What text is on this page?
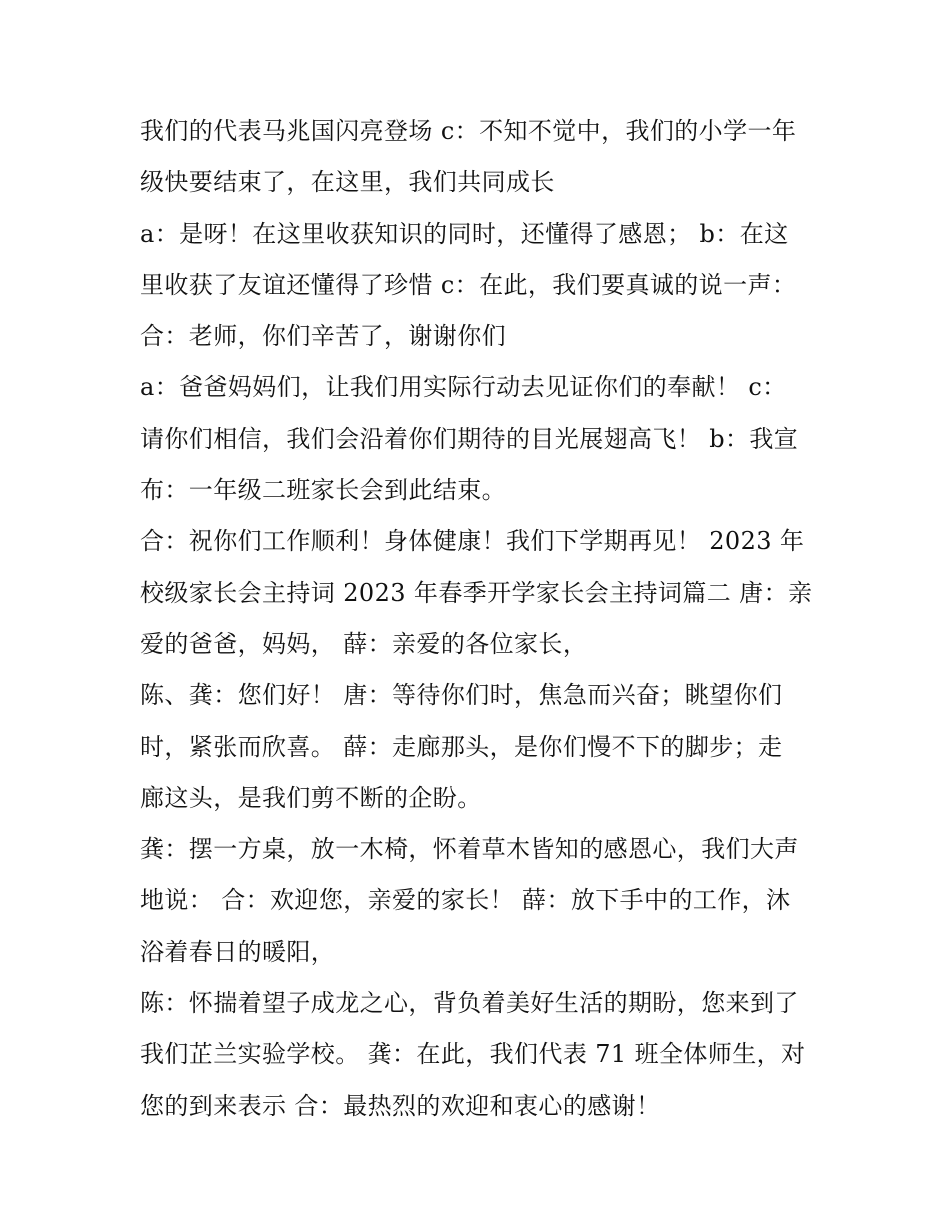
我们的代表马兆国闪亮登场 c：不知不觉中，我们的小学一年
级快要结束了，在这里，我们共同成长
a：是呀！在这里收获知识的同时，还懂得了感恩； b：在这
里收获了友谊还懂得了珍惜 c：在此，我们要真诚的说一声：
合：老师，你们辛苦了，谢谢你们
a：爸爸妈妈们，让我们用实际行动去见证你们的奉献！ c：
请你们相信，我们会沿着你们期待的目光展翅高飞！ b：我宣
布：一年级二班家长会到此结束。
合：祝你们工作顺利！身体健康！我们下学期再见！ 2023 年
校级家长会主持词 2023 年春季开学家长会主持词篇二 唐：亲
爱的爸爸，妈妈， 薛：亲爱的各位家长，
陈、龚：您们好！ 唐：等待你们时，焦急而兴奋；眺望你们
时，紧张而欣喜。 薛：走廊那头，是你们慢不下的脚步；走
廊这头，是我们剪不断的企盼。
龚：摆一方桌，放一木椅，怀着草木皆知的感恩心，我们大声
地说： 合：欢迎您，亲爱的家长！ 薛：放下手中的工作，沐
浴着春日的暖阳，
陈：怀揣着望子成龙之心，背负着美好生活的期盼，您来到了
我们芷兰实验学校。 龚：在此，我们代表 71 班全体师生，对
您的到来表示 合：最热烈的欢迎和衷心的感谢！
